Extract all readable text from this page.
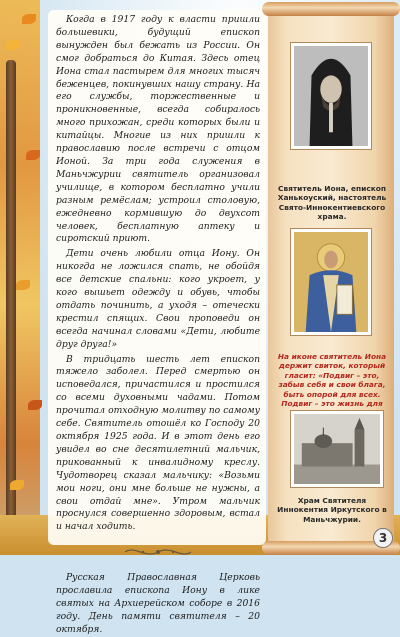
Когда в 1917 году к власти пришли большевики, будущий епископ вынужден был бежать из России. Он смог добраться до Китая. Здесь отец Иона стал пастырем для многих тысяч беженцев, покинувших нашу страну. На его службы, торжественные и проникновенные, всегда собиралось много прихожан, среди которых были и китайцы. Многие из них пришли к православию после встречи с отцом Ионой. За три года служения в Маньчжурии святитель организовал училище, в котором бесплатно учили разным ремёслам; устроил столовую, ежедневно кормившую до двухсот человек, бесплатную аптеку и сиротский приют.

Дети очень любили отца Иону. Он никогда не ложился спать, не обойдя все детские спальни: кого укроет, у кого вышьет одежду и обувь, чтобы отдать починить, а уходя – отечески крестил спящих. Свои проповеди он всегда начинал словами «Дети, любите друг друга!»

В тридцать шесть лет епископ тяжело заболел. Перед смертью он исповедался, причастился и простился со всеми духовными чадами. Потом прочитал отходную молитву по самому себе. Святитель отошёл ко Господу 20 октября 1925 года. И в этот день его увидел во сне десятилетний мальчик, прикованный к инвалидному креслу. Чудотворец сказал мальчику: «Возьми мои ноги, они мне больше не нужны, а свои отдай мне». Утром мальчик проснулся совершенно здоровым, встал и начал ходить.

Русская Православная Церковь прославила епископа Иону в лике святых на Архиерейском соборе в 2016 году. День памяти святителя – 20 октября.

Святитель Иона, епископ Ханькоуский, настоятель Свято-Иннокентиевского храма.
На иконе святитель Иона держит свиток, который гласит: «Подвиг – это, забыв себя и свои блага, быть опорой для всех. Подвиг – это жизнь для
Храм Святителя Иннокентия Иркутского в Маньчжурии.
3
